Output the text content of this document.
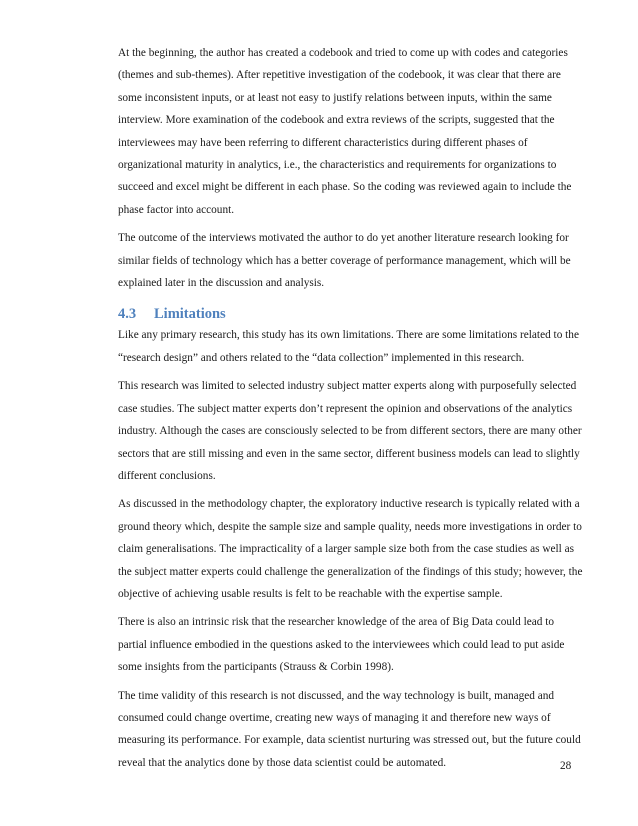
At the beginning, the author has created a codebook and tried to come up with codes and categories (themes and sub-themes). After repetitive investigation of the codebook, it was clear that there are some inconsistent inputs, or at least not easy to justify relations between inputs, within the same interview. More examination of the codebook and extra reviews of the scripts, suggested that the interviewees may have been referring to different characteristics during different phases of organizational maturity in analytics, i.e., the characteristics and requirements for organizations to succeed and excel might be different in each phase. So the coding was reviewed again to include the phase factor into account.

The outcome of the interviews motivated the author to do yet another literature research looking for similar fields of technology which has a better coverage of performance management, which will be explained later in the discussion and analysis.

4.3 Limitations

Like any primary research, this study has its own limitations. There are some limitations related to the “research design” and others related to the “data collection” implemented in this research.

This research was limited to selected industry subject matter experts along with purposefully selected case studies. The subject matter experts don’t represent the opinion and observations of the analytics industry. Although the cases are consciously selected to be from different sectors, there are many other sectors that are still missing and even in the same sector, different business models can lead to slightly different conclusions.

As discussed in the methodology chapter, the exploratory inductive research is typically related with a ground theory which, despite the sample size and sample quality, needs more investigations in order to claim generalisations. The impracticality of a larger sample size both from the case studies as well as the subject matter experts could challenge the generalization of the findings of this study; however, the objective of achieving usable results is felt to be reachable with the expertise sample.

There is also an intrinsic risk that the researcher knowledge of the area of Big Data could lead to partial influence embodied in the questions asked to the interviewees which could lead to put aside some insights from the participants (Strauss & Corbin 1998).

The time validity of this research is not discussed, and the way technology is built, managed and consumed could change overtime, creating new ways of managing it and therefore new ways of measuring its performance. For example, data scientist nurturing was stressed out, but the future could reveal that the analytics done by those data scientist could be automated.	28
